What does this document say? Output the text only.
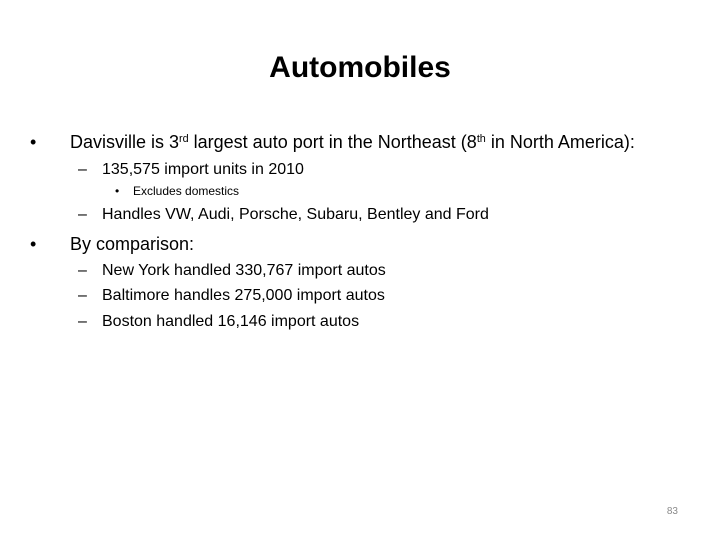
Automobiles
• Davisville is 3rd largest auto port in the Northeast (8th in North America):
– 135,575 import units in 2010
• Excludes domestics
– Handles VW, Audi, Porsche, Subaru, Bentley and Ford
• By comparison:
– New York handled 330,767 import autos
– Baltimore handles 275,000 import autos
– Boston handled 16,146 import autos
83
